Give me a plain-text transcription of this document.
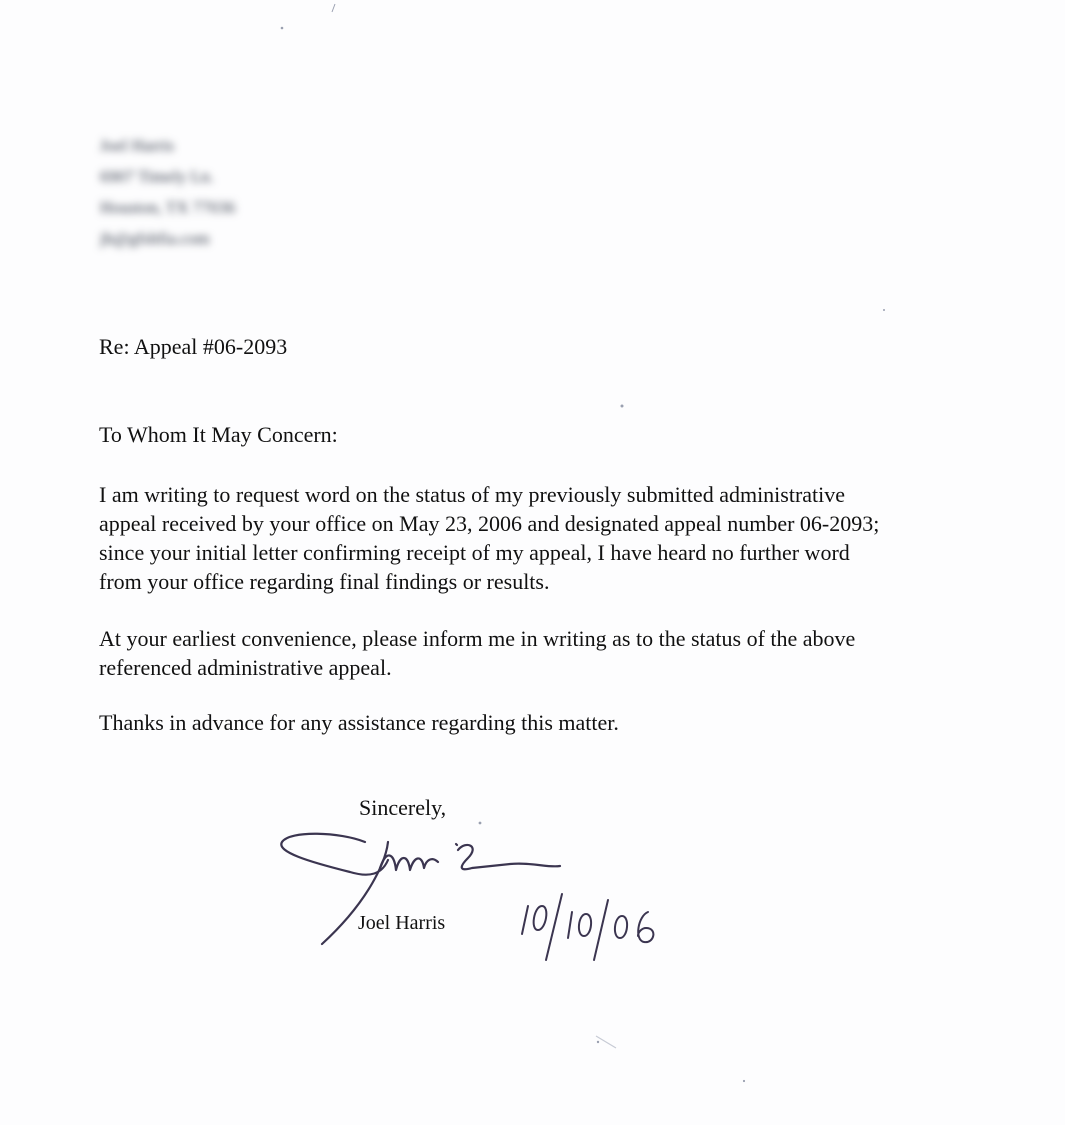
Joel Harris
6907 Timely Ln.
Houston, TX 77036
jh@gfshfia.com
Re: Appeal #06-2093
To Whom It May Concern:
I am writing to request word on the status of my previously submitted administrative
appeal received by your office on May 23, 2006 and designated appeal number 06-2093;
since your initial letter confirming receipt of my appeal, I have heard no further word
from your office regarding final findings or results.
At your earliest convenience, please inform me in writing as to the status of the above
referenced administrative appeal.
Thanks in advance for any assistance regarding this matter.
Sincerely,
Joel Harris
